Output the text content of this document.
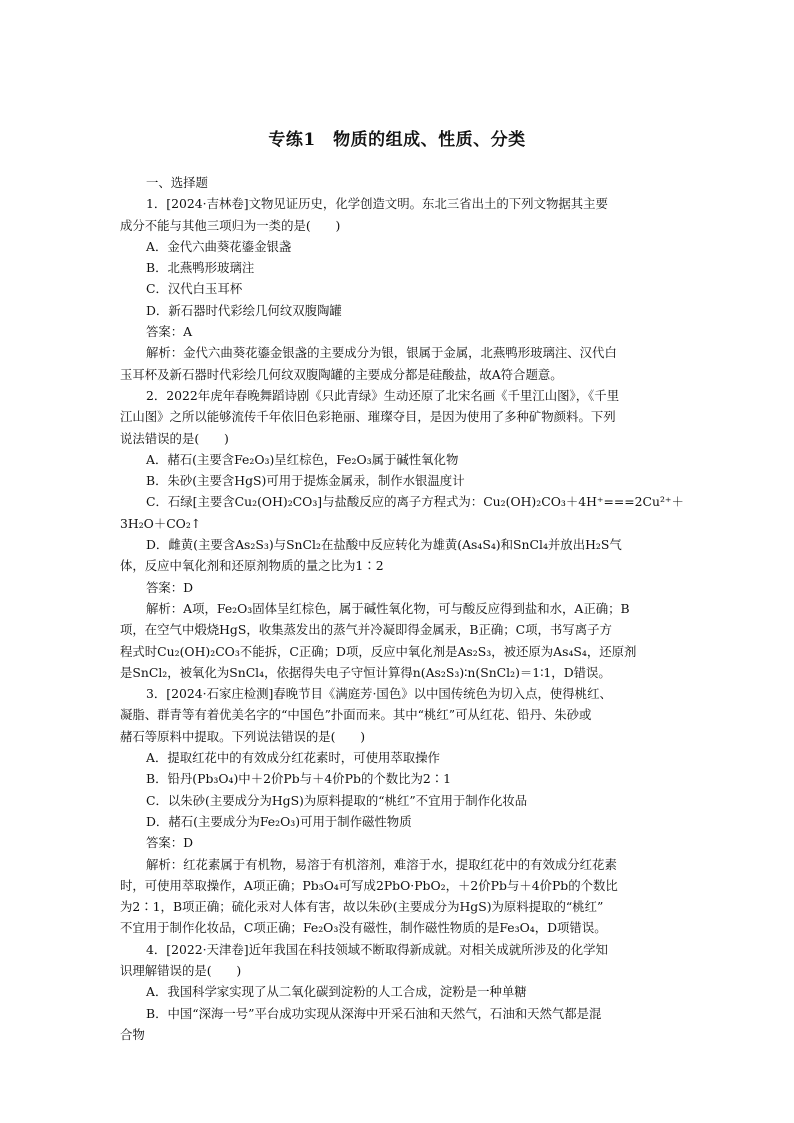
专练1　物质的组成、性质、分类
一、选择题
1．[2024·吉林卷]文物见证历史，化学创造文明。东北三省出土的下列文物据其主要
成分不能与其他三项归为一类的是(　　)
A．金代六曲葵花鎏金银盏
B．北燕鸭形玻璃注
C．汉代白玉耳杯
D．新石器时代彩绘几何纹双腹陶罐
答案：A
解析：金代六曲葵花鎏金银盏的主要成分为银，银属于金属，北燕鸭形玻璃注、汉代白
玉耳杯及新石器时代彩绘几何纹双腹陶罐的主要成分都是硅酸盐，故A符合题意。
2．2022年虎年春晚舞蹈诗剧《只此青绿》生动还原了北宋名画《千里江山图》，《千里
江山图》之所以能够流传千年依旧色彩艳丽、璀璨夺目，是因为使用了多种矿物颜料。下列
说法错误的是(　　)
A．赭石(主要含Fe₂O₃)呈红棕色，Fe₂O₃属于碱性氧化物
B．朱砂(主要含HgS)可用于提炼金属汞，制作水银温度计
C．石绿[主要含Cu₂(OH)₂CO₃]与盐酸反应的离子方程式为：Cu₂(OH)₂CO₃＋4H⁺===2Cu²⁺＋
3H₂O＋CO₂↑
D．雌黄(主要含As₂S₃)与SnCl₂在盐酸中反应转化为雄黄(As₄S₄)和SnCl₄并放出H₂S气
体，反应中氧化剂和还原剂物质的量之比为1∶2
答案：D
解析：A项，Fe₂O₃固体呈红棕色，属于碱性氧化物，可与酸反应得到盐和水，A正确；B
项，在空气中煅烧HgS，收集蒸发出的蒸气并冷凝即得金属汞，B正确；C项，书写离子方
程式时Cu₂(OH)₂CO₃不能拆，C正确；D项，反应中氧化剂是As₂S₃，被还原为As₄S₄，还原剂
是SnCl₂，被氧化为SnCl₄，依据得失电子守恒计算得n(As₂S₃)∶n(SnCl₂)＝1∶1，D错误。
3．[2024·石家庄检测]春晚节目《满庭芳·国色》以中国传统色为切入点，使得桃红、
凝脂、群青等有着优美名字的“中国色”扑面而来。其中“桃红”可从红花、铅丹、朱砂或
赭石等原料中提取。下列说法错误的是(　　)
A．提取红花中的有效成分红花素时，可使用萃取操作
B．铅丹(Pb₃O₄)中＋2价Pb与＋4价Pb的个数比为2∶1
C．以朱砂(主要成分为HgS)为原料提取的“桃红”不宜用于制作化妆品
D．赭石(主要成分为Fe₂O₃)可用于制作磁性物质
答案：D
解析：红花素属于有机物，易溶于有机溶剂，难溶于水，提取红花中的有效成分红花素
时，可使用萃取操作，A项正确；Pb₃O₄可写成2PbO·PbO₂，＋2价Pb与＋4价Pb的个数比
为2∶1，B项正确；硫化汞对人体有害，故以朱砂(主要成分为HgS)为原料提取的“桃红”
不宜用于制作化妆品，C项正确；Fe₂O₃没有磁性，制作磁性物质的是Fe₃O₄，D项错误。
4．[2022·天津卷]近年我国在科技领域不断取得新成就。对相关成就所涉及的化学知
识理解错误的是(　　)
A．我国科学家实现了从二氧化碳到淀粉的人工合成，淀粉是一种单糖
B．中国“深海一号”平台成功实现从深海中开采石油和天然气，石油和天然气都是混
合物
